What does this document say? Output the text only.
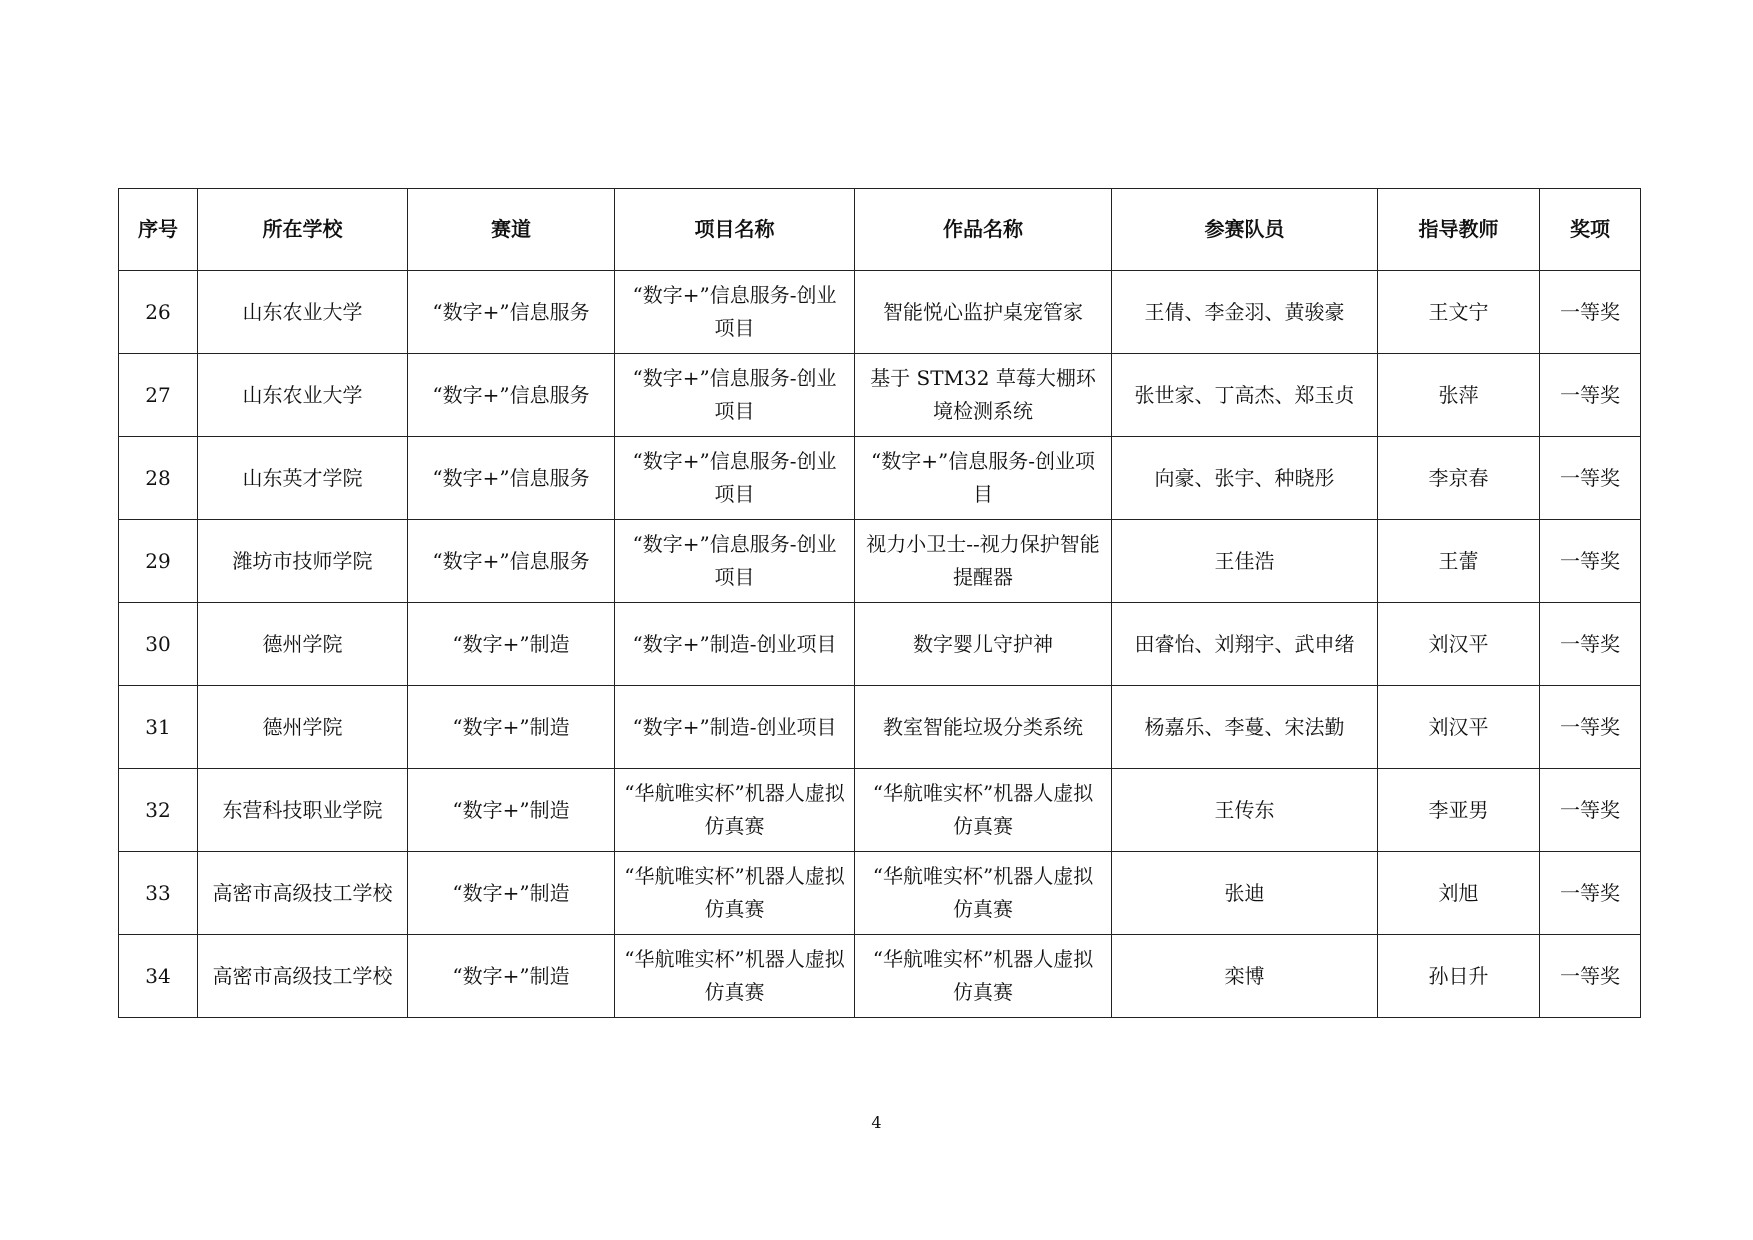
序号	所在学校	赛道	项目名称	作品名称	参赛队员	指导教师	奖项
26	山东农业大学	“数字+”信息服务	“数字+”信息服务-创业项目	智能悦心监护桌宠管家	王倩、李金羽、黄骏豪	王文宁	一等奖
27	山东农业大学	“数字+”信息服务	“数字+”信息服务-创业项目	基于 STM32 草莓大棚环境检测系统	张世家、丁高杰、郑玉贞	张萍	一等奖
28	山东英才学院	“数字+”信息服务	“数字+”信息服务-创业项目	“数字+”信息服务-创业项目	向豪、张宇、种晓彤	李京春	一等奖
29	潍坊市技师学院	“数字+”信息服务	“数字+”信息服务-创业项目	视力小卫士--视力保护智能提醒器	王佳浩	王蕾	一等奖
30	德州学院	“数字+”制造	“数字+”制造-创业项目	数字婴儿守护神	田睿怡、刘翔宇、武申绪	刘汉平	一等奖
31	德州学院	“数字+”制造	“数字+”制造-创业项目	教室智能垃圾分类系统	杨嘉乐、李蔓、宋法勤	刘汉平	一等奖
32	东营科技职业学院	“数字+”制造	“华航唯实杯”机器人虚拟仿真赛	“华航唯实杯”机器人虚拟仿真赛	王传东	李亚男	一等奖
33	高密市高级技工学校	“数字+”制造	“华航唯实杯”机器人虚拟仿真赛	“华航唯实杯”机器人虚拟仿真赛	张迪	刘旭	一等奖
34	高密市高级技工学校	“数字+”制造	“华航唯实杯”机器人虚拟仿真赛	“华航唯实杯”机器人虚拟仿真赛	栾博	孙日升	一等奖
4
